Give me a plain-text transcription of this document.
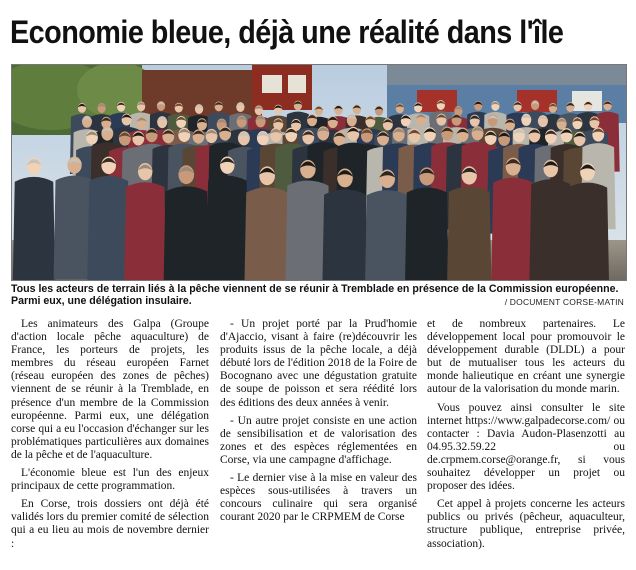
Economie bleue, déjà une réalité dans l'île
Tous les acteurs de terrain liés à la pêche viennent de se réunir à Tremblade en présence de la Commission européenne. Parmi eux, une délégation insulaire.	/ DOCUMENT CORSE-MATIN

Les animateurs des Galpa (Groupe d'action locale pêche aquaculture) de France, les porteurs de projets, les membres du réseau européen Farnet (réseau européen des zones de pêches) viennent de se réunir à la Tremblade, en présence d'un membre de la Commission européenne. Parmi eux, une délégation corse qui a eu l'occasion d'échanger sur les problématiques particulières aux domaines de la pêche et de l'aquaculture.

L'économie bleue est l'un des enjeux principaux de cette programmation.

En Corse, trois dossiers ont déjà été validés lors du premier comité de sélection qui a eu lieu au mois de novembre dernier :

- Un projet porté par la Prud'homie d'Ajaccio, visant à faire (re)découvrir les produits issus de la pêche locale, a déjà débuté lors de l'édition 2018 de la Foire de Bocognano avec une dégustation gratuite de soupe de poisson et sera réédité lors des éditions des deux années à venir.

- Un autre projet consiste en une action de sensibilisation et de valorisation des zones et des espèces réglementées en Corse, via une campagne d'affichage.

- Le dernier vise à la mise en valeur des espèces sous-utilisées à travers un concours culinaire qui sera organisé courant 2020 par le CRPMEM de Corse

et de nombreux partenaires. Le développement local pour promouvoir le développement durable (DLDL) a pour but de mutualiser tous les acteurs du monde halieutique en créant une synergie autour de la valorisation du monde marin.

Vous pouvez ainsi consulter le site internet https://www.galpadecorse.com/ ou contacter : Davia Audon-Plasenzotti au 04.95.32.59.22 ou de.crpmem.corse@orange.fr, si vous souhaitez développer un projet ou proposer des idées.

Cet appel à projets concerne les acteurs publics ou privés (pêcheur, aquaculteur, structure publique, entreprise privée, association).
